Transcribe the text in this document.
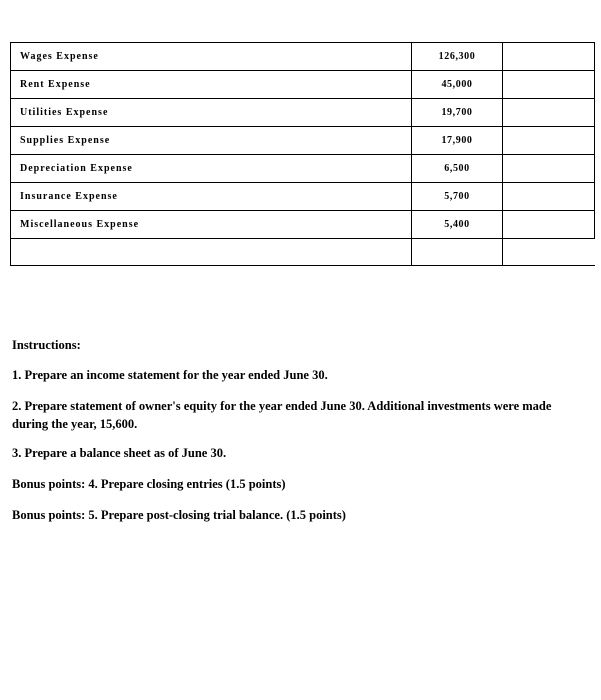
Wages Expense	126,300	
Rent Expense	45,000	
Utilities Expense	19,700	
Supplies Expense	17,900	
Depreciation Expense	6,500	
Insurance Expense	5,700	
Miscellaneous Expense	5,400	

Instructions:

1. Prepare an income statement for the year ended June 30.

2. Prepare statement of owner's equity for the year ended June 30. Additional investments were made during the year, 15,600.

3. Prepare a balance sheet as of June 30.

Bonus points: 4. Prepare closing entries (1.5 points)

Bonus points: 5. Prepare post-closing trial balance. (1.5 points)
